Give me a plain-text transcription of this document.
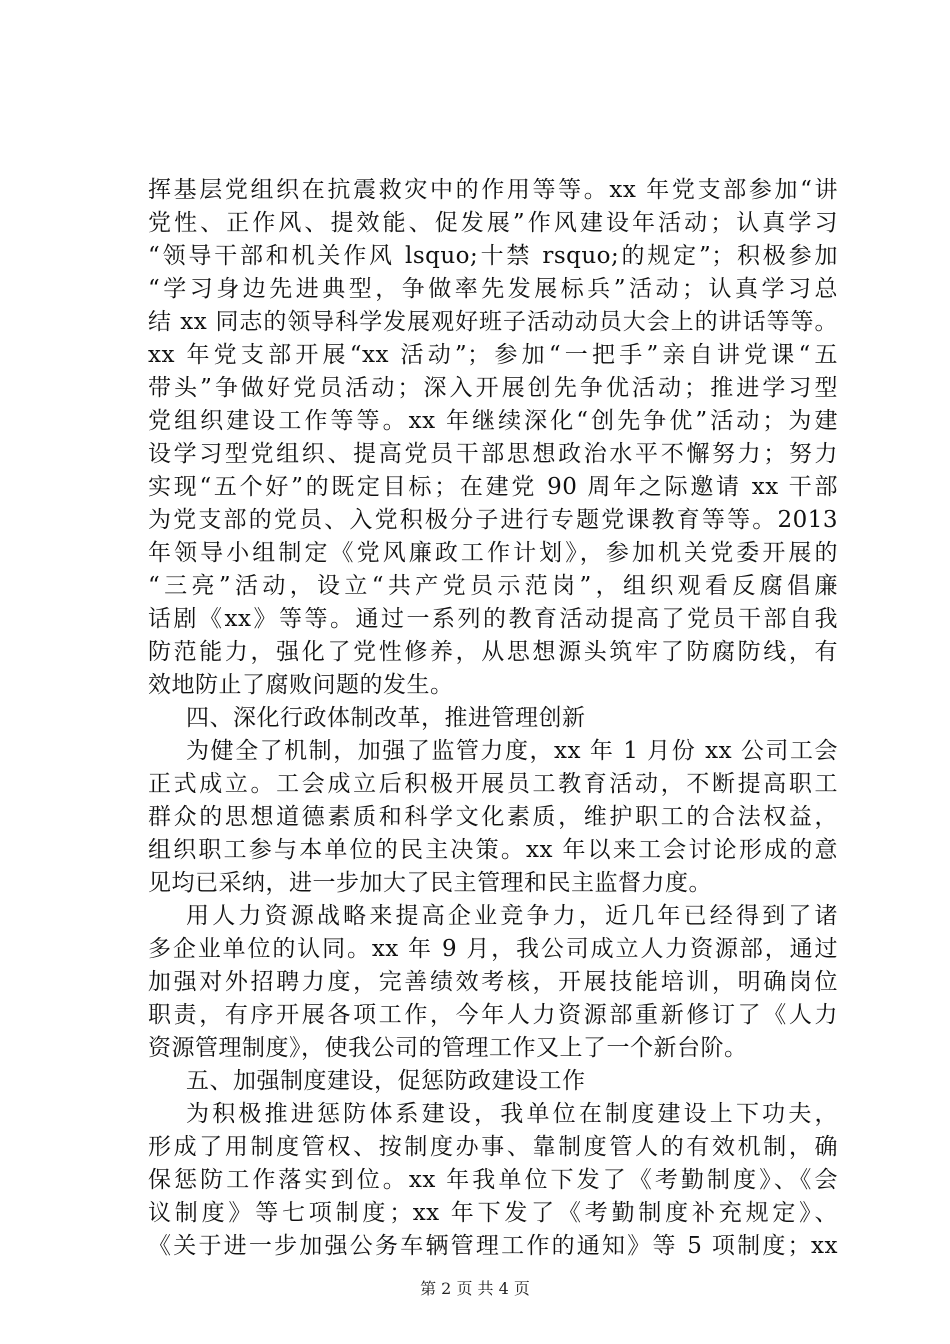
挥基层党组织在抗震救灾中的作用等等。xx 年党支部参加“讲
党性、正作风、提效能、促发展”作风建设年活动；认真学习
“领导干部和机关作风 lsquo;十禁 rsquo;的规定”；积极参加
“学习身边先进典型，争做率先发展标兵”活动；认真学习总
结 xx 同志的领导科学发展观好班子活动动员大会上的讲话等等。
xx 年党支部开展“xx 活动”；参加“一把手”亲自讲党课“五
带头”争做好党员活动；深入开展创先争优活动；推进学习型
党组织建设工作等等。xx 年继续深化“创先争优”活动；为建
设学习型党组织、提高党员干部思想政治水平不懈努力；努力
实现“五个好”的既定目标；在建党 90 周年之际邀请 xx 干部
为党支部的党员、入党积极分子进行专题党课教育等等。2013
年领导小组制定《党风廉政工作计划》，参加机关党委开展的
“三亮”活动，设立“共产党员示范岗”，组织观看反腐倡廉
话剧《xx》等等。通过一系列的教育活动提高了党员干部自我
防范能力，强化了党性修养，从思想源头筑牢了防腐防线，有
效地防止了腐败问题的发生。
四、深化行政体制改革，推进管理创新
为健全了机制，加强了监管力度，xx 年 1 月份 xx 公司工会
正式成立。工会成立后积极开展员工教育活动，不断提高职工
群众的思想道德素质和科学文化素质，维护职工的合法权益，
组织职工参与本单位的民主决策。xx 年以来工会讨论形成的意
见均已采纳，进一步加大了民主管理和民主监督力度。
用人力资源战略来提高企业竞争力，近几年已经得到了诸
多企业单位的认同。xx 年 9 月，我公司成立人力资源部，通过
加强对外招聘力度，完善绩效考核，开展技能培训，明确岗位
职责，有序开展各项工作，今年人力资源部重新修订了《人力
资源管理制度》，使我公司的管理工作又上了一个新台阶。
五、加强制度建设，促惩防政建设工作
为积极推进惩防体系建设，我单位在制度建设上下功夫，
形成了用制度管权、按制度办事、靠制度管人的有效机制，确
保惩防工作落实到位。xx 年我单位下发了《考勤制度》、《会
议制度》等七项制度；xx 年下发了《考勤制度补充规定》、
《关于进一步加强公务车辆管理工作的通知》等 5 项制度；xx
第 2 页 共 4 页
